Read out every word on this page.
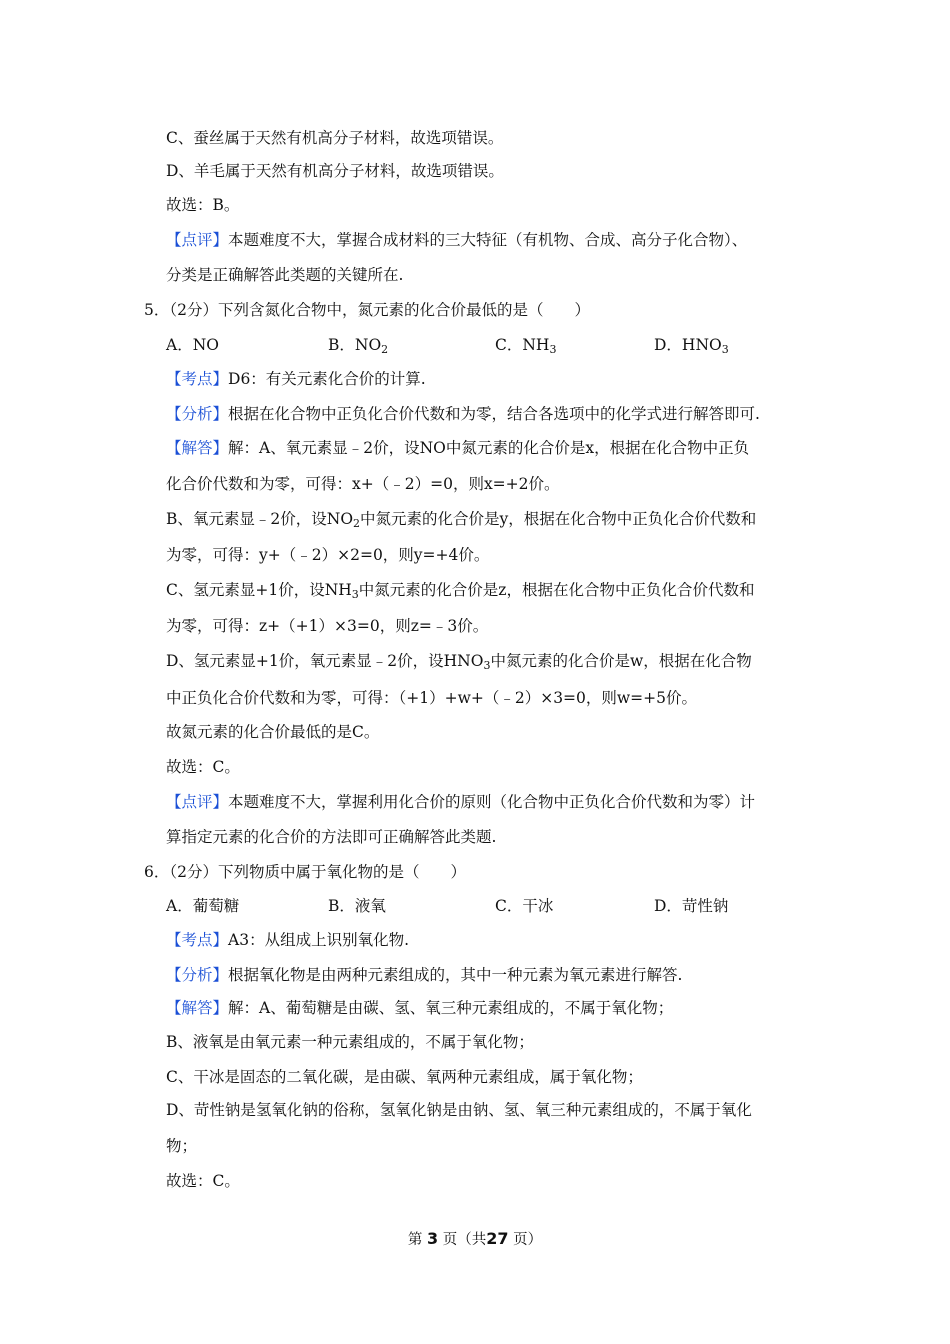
C、蚕丝属于天然有机高分子材料，故选项错误。
D、羊毛属于天然有机高分子材料，故选项错误。
故选：B。
【点评】本题难度不大，掌握合成材料的三大特征（有机物、合成、高分子化合物）、
分类是正确解答此类题的关键所在.
5．（2分）下列含氮化合物中，氮元素的化合价最低的是（　　）
A．NO	B．$NO_2$	C．$NH_3$	D．$HNO_3$
【考点】D6：有关元素化合价的计算.
【分析】根据在化合物中正负化合价代数和为零，结合各选项中的化学式进行解答即可.
【解答】解：A、氧元素显﹣2价，设NO中氮元素的化合价是x，根据在化合物中正负
化合价代数和为零，可得：x+（﹣2）=0，则x=+2价。
B、氧元素显﹣2价，设$NO_2$中氮元素的化合价是y，根据在化合物中正负化合价代数和
为零，可得：y+（﹣2）×2=0，则y=+4价。
C、氢元素显+1价，设$NH_3$中氮元素的化合价是z，根据在化合物中正负化合价代数和
为零，可得：z+（+1）×3=0，则z=﹣3价。
D、氢元素显+1价，氧元素显﹣2价，设$HNO_3$中氮元素的化合价是w，根据在化合物
中正负化合价代数和为零，可得：（+1）+w+（﹣2）×3=0，则w=+5价。
故氮元素的化合价最低的是C。
故选：C。
【点评】本题难度不大，掌握利用化合价的原则（化合物中正负化合价代数和为零）计
算指定元素的化合价的方法即可正确解答此类题.
6．（2分）下列物质中属于氧化物的是（　　）
A．葡萄糖	B．液氧	C．干冰	D．苛性钠
【考点】A3：从组成上识别氧化物.
【分析】根据氧化物是由两种元素组成的，其中一种元素为氧元素进行解答.
【解答】解：A、葡萄糖是由碳、氢、氧三种元素组成的，不属于氧化物；
B、液氧是由氧元素一种元素组成的，不属于氧化物；
C、干冰是固态的二氧化碳，是由碳、氧两种元素组成，属于氧化物；
D、苛性钠是氢氧化钠的俗称，氢氧化钠是由钠、氢、氧三种元素组成的，不属于氧化
物；
故选：C。
第 3 页（共27 页）
